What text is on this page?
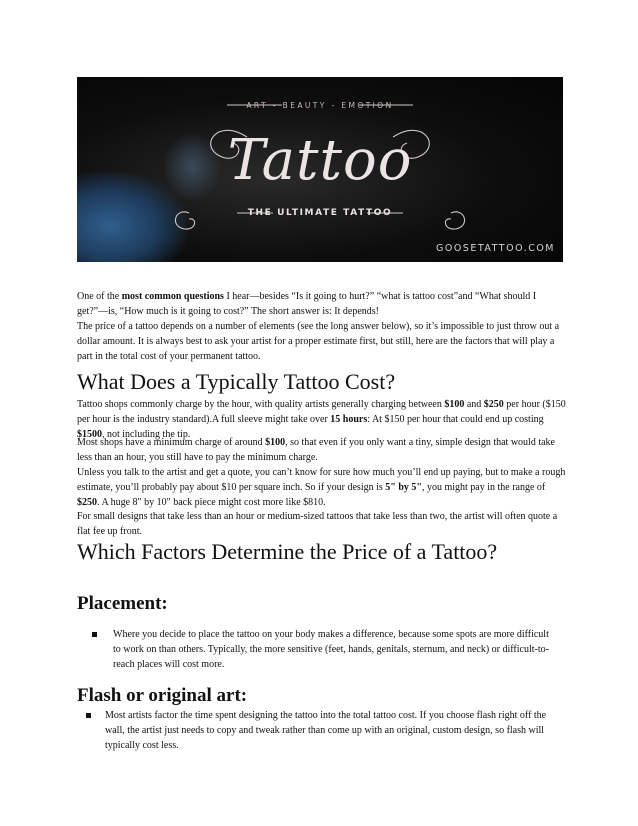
ART - BEAUTY - EMOTION
Tattoo
THE ULTIMATE TATTOO
GOOSETATTOO.COM

One of the most common questions I hear—besides “Is it going to hurt?” “what is tattoo cost”and “What should I get?”—is, “How much is it going to cost?” The short answer is: It depends!

The price of a tattoo depends on a number of elements (see the long answer below), so it’s impossible to just throw out a dollar amount. It is always best to ask your artist for a proper estimate first, but still, here are the factors that will play a part in the total cost of your permanent tattoo.

What Does a Typically Tattoo Cost?

Tattoo shops commonly charge by the hour, with quality artists generally charging between $100 and $250 per hour ($150 per hour is the industry standard).A full sleeve might take over 15 hours: At $150 per hour that could end up costing $1500, not including the tip.

Most shops have a minimum charge of around $100, so that even if you only want a tiny, simple design that would take less than an hour, you still have to pay the minimum charge.

Unless you talk to the artist and get a quote, you can’t know for sure how much you’ll end up paying, but to make a rough estimate, you’ll probably pay about $10 per square inch. So if your design is 5" by 5", you might pay in the range of $250. A huge 8" by 10" back piece might cost more like $810.

For small designs that take less than an hour or medium-sized tattoos that take less than two, the artist will often quote a flat fee up front.

Which Factors Determine the Price of a Tattoo?
Placement:
Where you decide to place the tattoo on your body makes a difference, because some spots are more difficult to work on than others. Typically, the more sensitive (feet, hands, genitals, sternum, and neck) or difficult-to-reach places will cost more.
Flash or original art:
Most artists factor the time spent designing the tattoo into the total tattoo cost. If you choose flash right off the wall, the artist just needs to copy and tweak rather than come up with an original, custom design, so flash will typically cost less.
